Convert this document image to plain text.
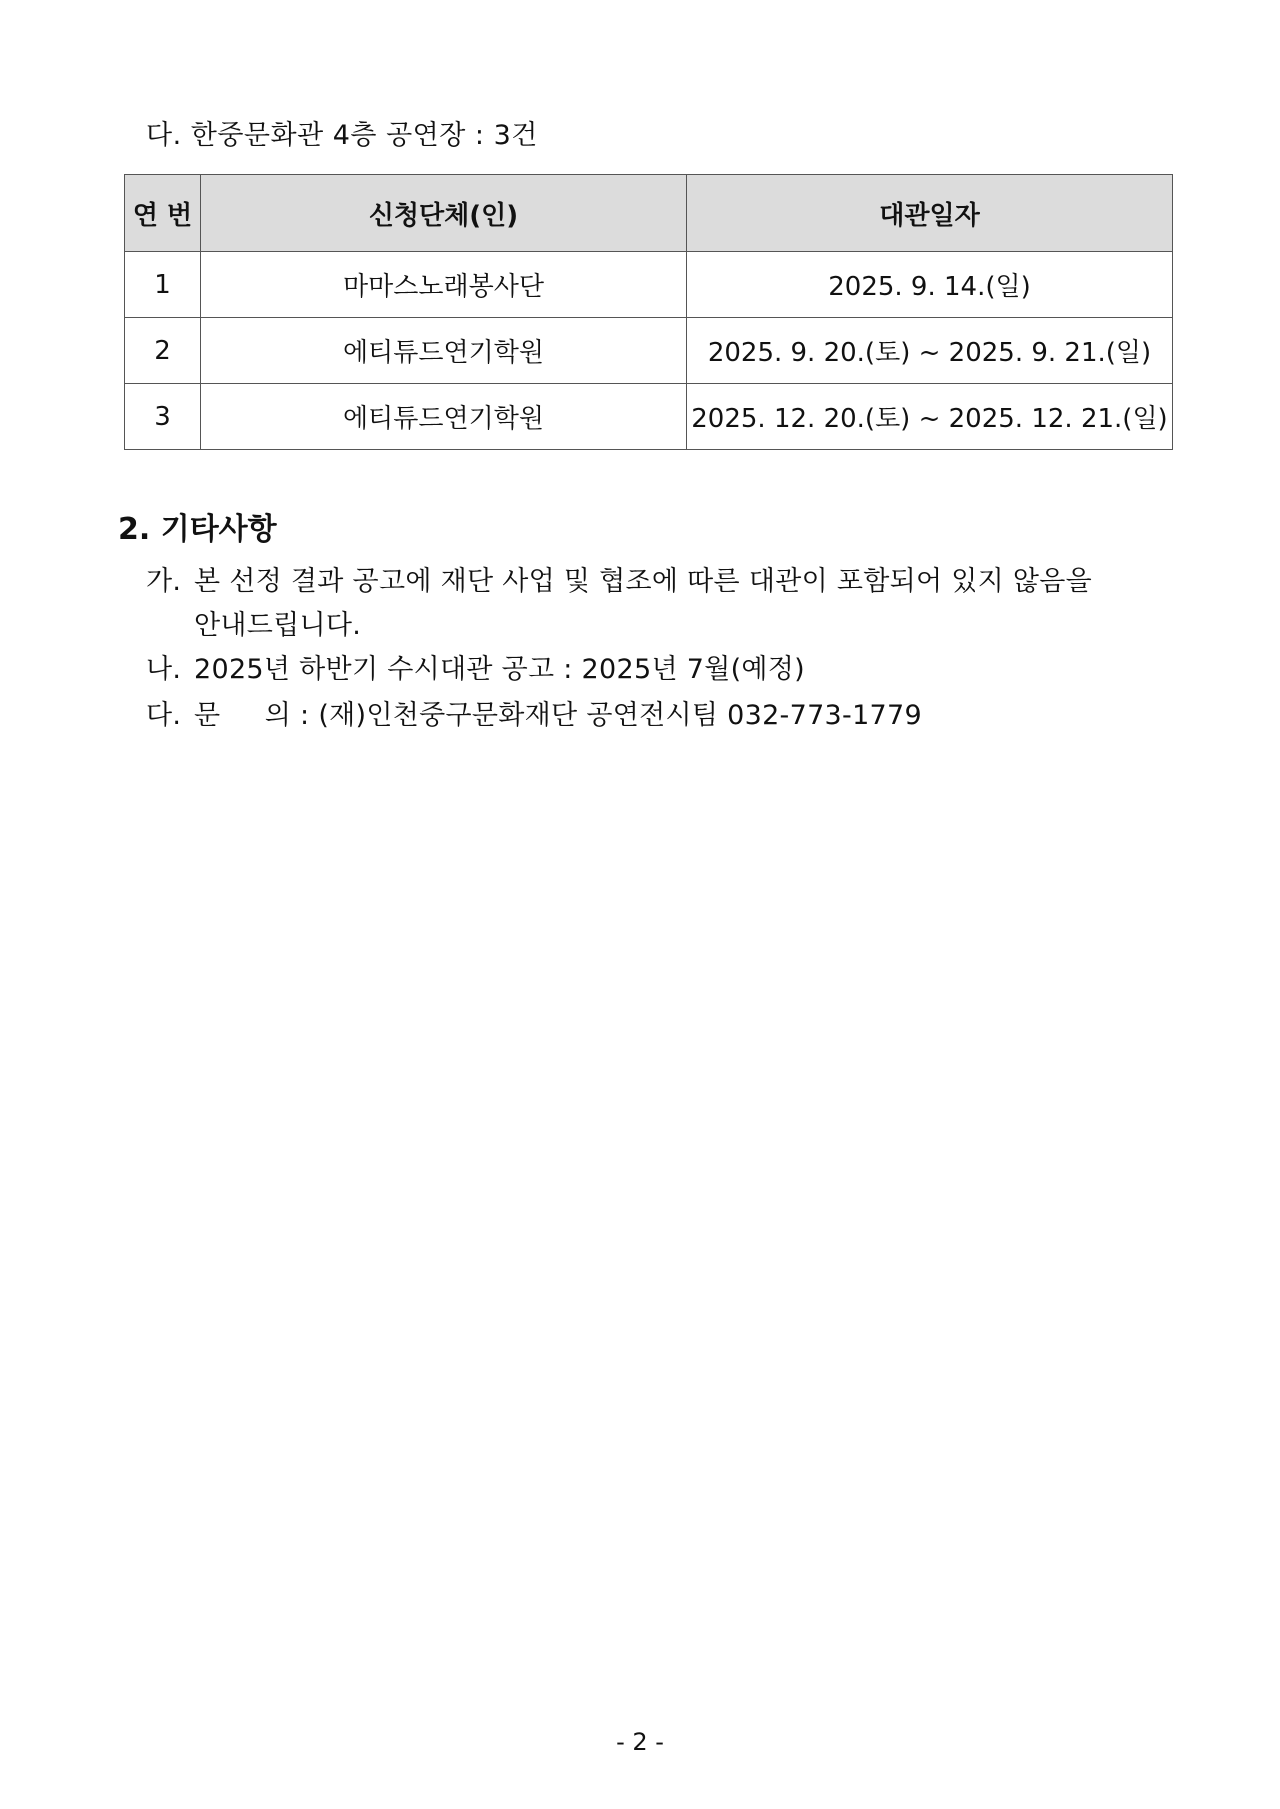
다. 한중문화관 4층 공연장 : 3건
연 번	신청단체(인)	대관일자
1	마마스노래봉사단	2025. 9. 14.(일)
2	에티튜드연기학원	2025. 9. 20.(토) ~ 2025. 9. 21.(일)
3	에티튜드연기학원	2025. 12. 20.(토) ~ 2025. 12. 21.(일)
2. 기타사항
가. 본 선정 결과 공고에 재단 사업 및 협조에 따른 대관이 포함되어 있지 않음을
안내드립니다.
나. 2025년 하반기 수시대관 공고 : 2025년 7월(예정)
다. 문     의 : (재)인천중구문화재단 공연전시팀 032-773-1779
- 2 -
